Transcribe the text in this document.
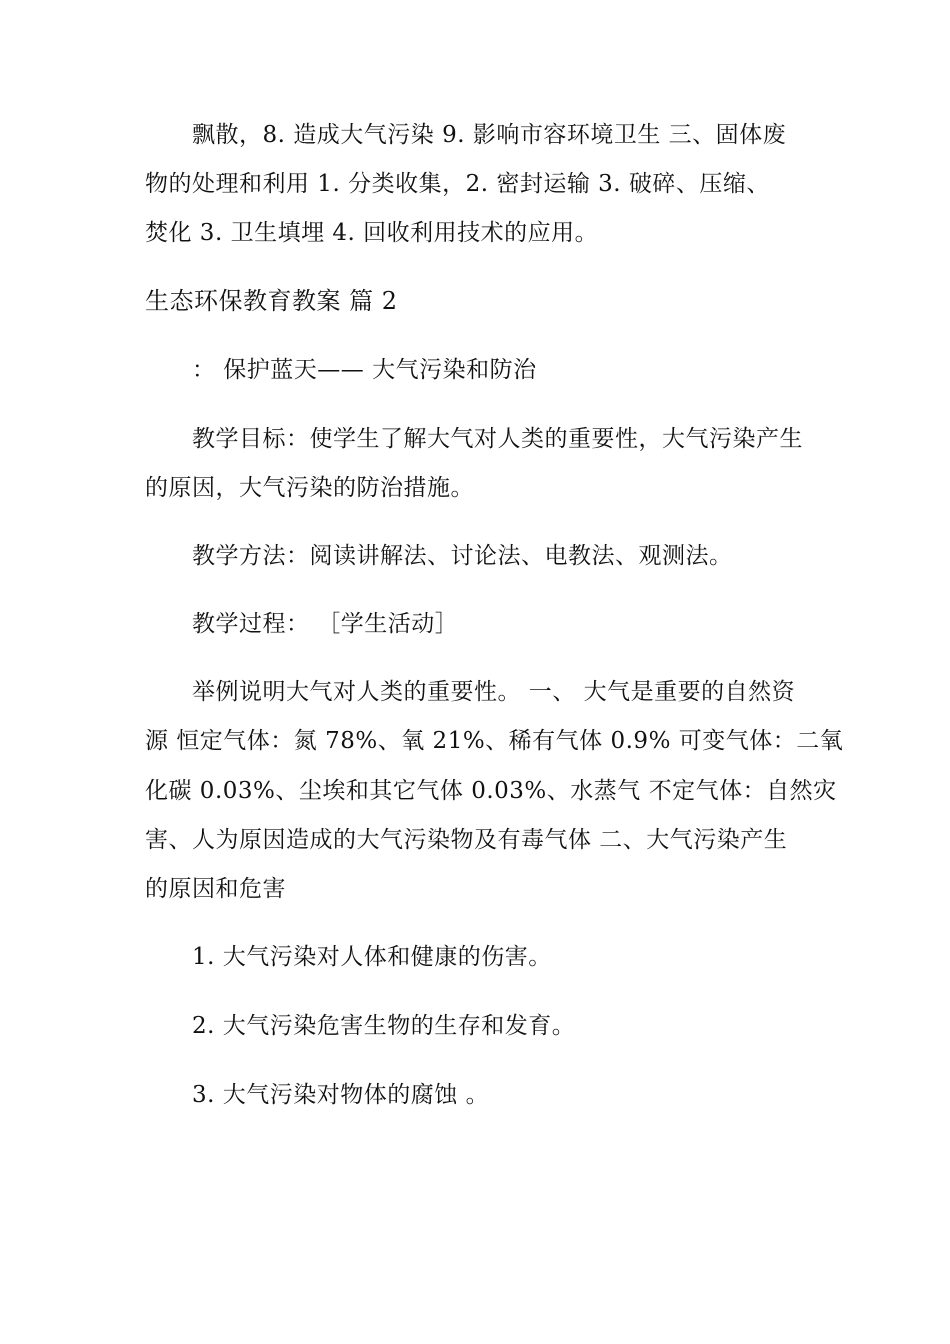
飘散，8. 造成大气污染 9. 影响市容环境卫生 三、固体废
物的处理和利用 1. 分类收集，2. 密封运输 3. 破碎、压缩、
焚化 3. 卫生填埋 4. 回收利用技术的应用。
生态环保教育教案 篇 2
： 保护蓝天—— 大气污染和防治
教学目标：使学生了解大气对人类的重要性，大气污染产生
的原因，大气污染的防治措施。
教学方法：阅读讲解法、讨论法、电教法、观测法。
教学过程： ［学生活动］
举例说明大气对人类的重要性。 一、 大气是重要的自然资
源 恒定气体：氮 78%、氧 21%、稀有气体 0.9% 可变气体：二氧
化碳 0.03%、尘埃和其它气体 0.03%、水蒸气 不定气体：自然灾
害、人为原因造成的大气污染物及有毒气体 二、大气污染产生
的原因和危害
1. 大气污染对人体和健康的伤害。
2. 大气污染危害生物的生存和发育。
3. 大气污染对物体的腐蚀 。
